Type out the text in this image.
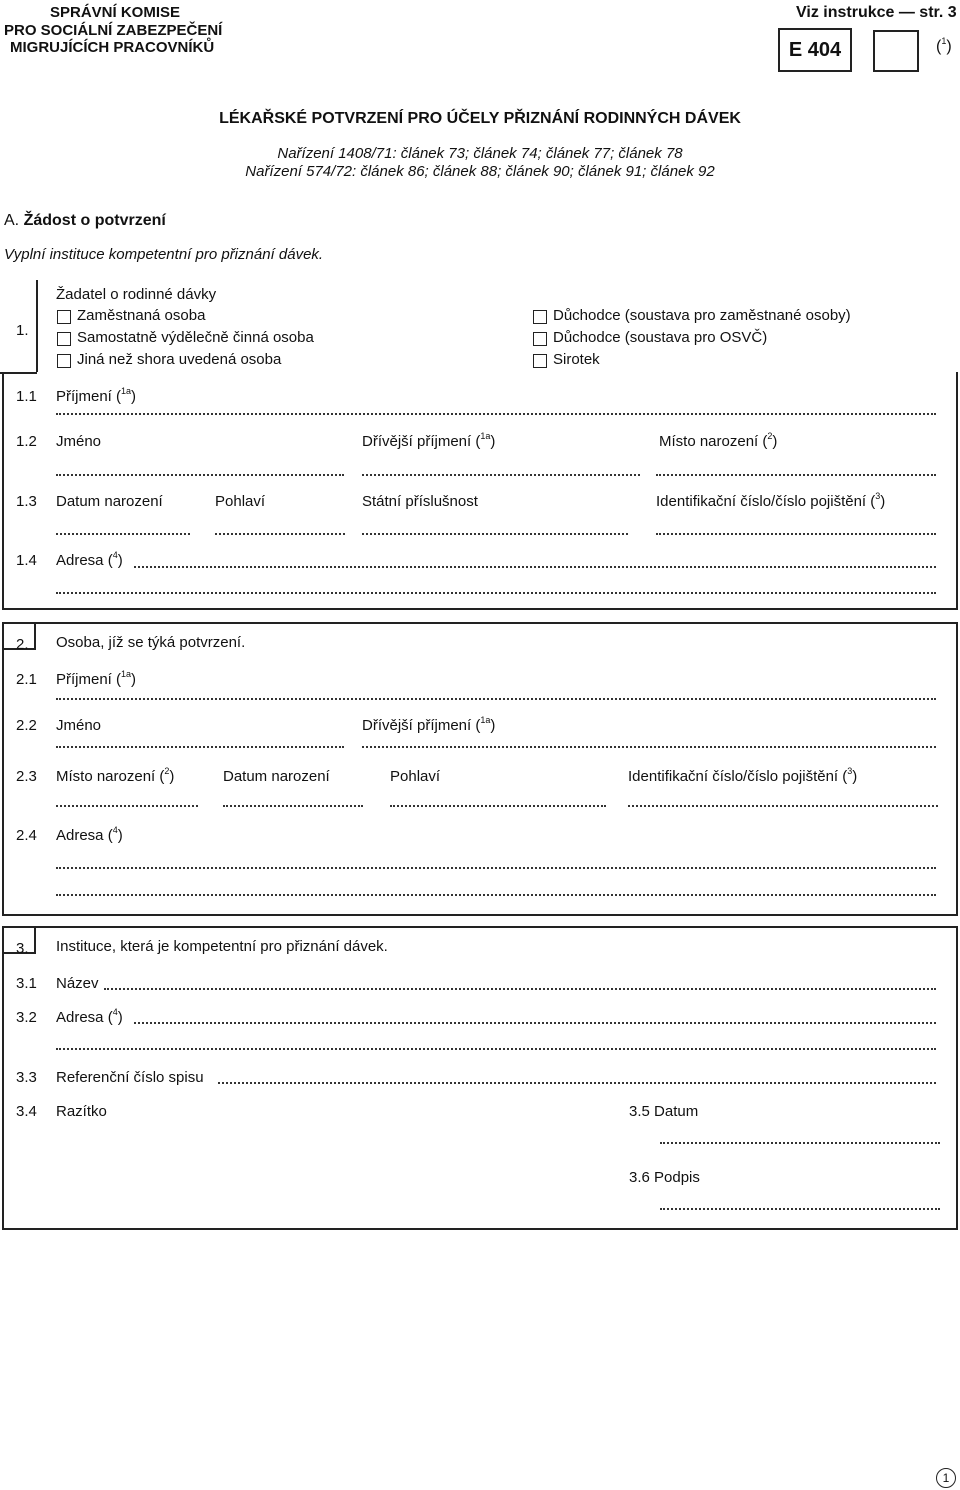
SPRÁVNÍ KOMISE
PRO SOCIÁLNÍ ZABEZPEČENÍ
MIGRUJÍCÍCH PRACOVNÍKŮ
Viz instrukce — str. 3
E 404	($^1$)
LÉKAŘSKÉ POTVRZENÍ PRO ÚČELY PŘIZNÁNÍ RODINNÝCH DÁVEK
Nařízení 1408/71: článek 73; článek 74; článek 77; článek 78
Nařízení 574/72: článek 86; článek 88; článek 90; článek 91; článek 92
A. Žádost o potvrzení
Vyplní instituce kompetentní pro přiznání dávek.
1.
Žadatel o rodinné dávky
Zaměstnaná osoba
Samostatně výdělečně činná osoba
Jiná než shora uvedená osoba
Důchodce (soustava pro zaměstnané osoby)
Důchodce (soustava pro OSVČ)
Sirotek
1.1 Příjmení ($^{1a}$)
1.2 Jméno	Dřívější příjmení ($^{1a}$)	Místo narození ($^2$)
1.3 Datum narození	Pohlaví	Státní příslušnost	Identifikační číslo/číslo pojištění ($^3$)
1.4 Adresa ($^4$)
2. Osoba, jíž se týká potvrzení.
2.1 Příjmení ($^{1a}$)
2.2 Jméno	Dřívější příjmení ($^{1a}$)
2.3 Místo narození ($^2$)	Datum narození	Pohlaví	Identifikační číslo/číslo pojištění ($^3$)
2.4 Adresa ($^4$)
3. Instituce, která je kompetentní pro přiznání dávek.
3.1 Název
3.2 Adresa ($^4$)
3.3 Referenční číslo spisu
3.4 Razítko	3.5 Datum
3.6 Podpis
1
